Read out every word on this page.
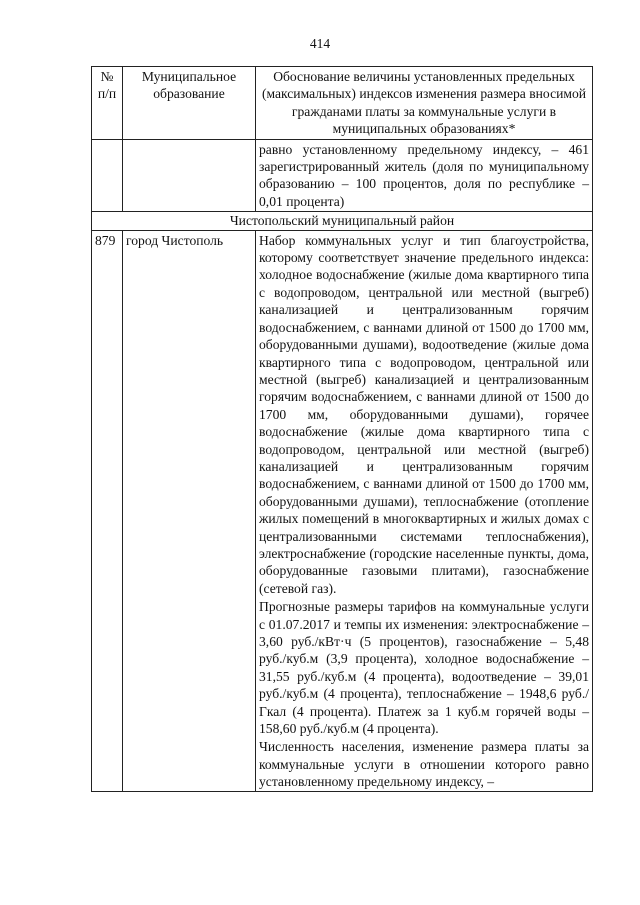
414
№ п/п	Муниципальное образование	Обоснование величины установленных предельных (максимальных) индексов изменения размера вносимой гражданами платы за коммунальные услуги в муниципальных образованиях*
		равно установленному предельному индексу, – 461 зарегистрированный житель (доля по муниципальному образованию – 100 процентов, доля по республике – 0,01 процента)
Чистопольский муниципальный район		
879	город Чистополь	Набор коммунальных услуг и тип благоустройства, которому соответствует значение предельного индекса: холодное водоснабжение (жилые дома квартирного типа с водопроводом, центральной или местной (выгреб) канализацией и централизованным горячим водоснабжением, с ваннами длиной от 1500 до 1700 мм, оборудованными душами), водоотведение (жилые дома квартирного типа с водопроводом, центральной или местной (выгреб) канализацией и централизованным горячим водоснабжением, с ваннами длиной от 1500 до 1700 мм, оборудованными душами), горячее водоснабжение (жилые дома квартирного типа с водопроводом, центральной или местной (выгреб) канализацией и централизованным горячим водоснабжением, с ваннами длиной от 1500 до 1700 мм, оборудованными душами), теплоснабжение (отопление жилых помещений в многоквартирных и жилых домах с централизованными системами теплоснабжения), электроснабжение (городские населенные пункты, дома, оборудованные газовыми плитами), газоснабжение (сетевой газ).

Прогнозные размеры тарифов на коммунальные услуги с 01.07.2017 и темпы их изменения: электроснабжение – 3,60 руб./кВт·ч (5 процентов), газоснабжение – 5,48 руб./куб.м (3,9 процента), холодное водоснабжение – 31,55 руб./куб.м (4 процента), водоотведение – 39,01 руб./куб.м (4 процента), теплоснабжение – 1948,6 руб./Гкал (4 процента). Платеж за 1 куб.м горячей воды – 158,60 руб./куб.м (4 процента).

Численность населения, изменение размера платы за коммунальные услуги в отношении которого равно установленному предельному индексу, –
